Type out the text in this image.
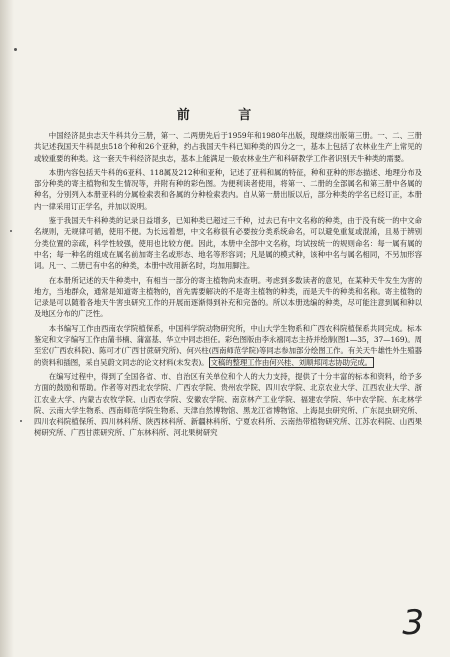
前 言

中国经济昆虫志天牛科共分三册，第一、二两册先后于1959年和1980年出版，现继续出版第三册。一、二、三册共记述我国天牛科昆虫518个种和26个亚种，约占我国天牛科已知种类的四分之一，基本上包括了农林业生产上常见的或较重要的种类。这一套天牛科经济昆虫志，基本上能满足一般农林业生产和科研教学工作者识别天牛种类的需要。

本册内容包括天牛科的6亚科、118属及212种和亚种，记述了亚科和属的特征，种和亚种的形态描述、地理分布及部分种类的寄主植物和发生情况等，并附有种的彩色图。为便利读者使用，将第一、二册的全部属名和第三册中各属的种名，分别列入本册亚科的分属检索表和各属的分种检索表内。自从第一册出版以后，部分种类的学名已经订正，本册内一律采用订正学名，并加以说明。

鉴于我国天牛科种类的记录日益增多，已知种类已超过三千种，过去已有中文名称的种类，由于没有统一的中文命名规则，无规律可循，使用不便。为长远着想，中文名称很有必要按分类系统命名，可以避免重复或混淆，且易于辨别分类位置的亲疏，科学性较强，使用也比较方便。因此，本册中全部中文名称，均试按统一的规则命名：每一属有属的中名；每一种名的组成在属名前加寄主名或形态、地名等形容词；凡是属的模式种，该种中名与属名相同，不另加形容词。凡一、二册已有中名的种类，本册中改用新名时，均加用脚注。

在本册所记述的天牛种类中，有相当一部分的寄主植物尚未查明。考虑到多数读者的意见，在某种天牛发生为害的地方，当地群众，通常是知道寄主植物的，首先需要解决的不是寄主植物的种类，而是天牛的种类和名称。寄主植物的记录是可以随着各地天牛害虫研究工作的开展而逐渐得到补充和完备的。所以本册选编的种类，尽可能注意到属和种以及地区分布的广泛性。

本书编写工作由西南农学院植保系，中国科学院动物研究所，中山大学生物系和广西农科院植保系共同完成。标本鉴定和文字编写工作由蒲书楠、蒲富基、华立中同志担任。彩色图版由李永禧同志主持并绘制(图1—35，37—169)。周至宏(广西农科院)、陈可才(广西甘蔗研究所)、何兴柱(西南师范学院)等同志参加部分绘图工作。有关天牛雄性外生殖器的资料和插图，采自吴蔚文同志的论文材料(未发表)。 文稿的整理工作由何兴桂、刘顺邦同志协助完成。

在编写过程中，得到了全国各省、市、自治区有关单位和个人的大力支持，提供了十分丰富的标本和资料，给予多方面的鼓励和帮助。作者等对西北农学院、广西农学院、贵州农学院、四川农学院、北京农业大学、江西农业大学、浙江农业大学、内蒙古农牧学院、山西农学院、安徽农学院、南京林产工业学院、福建农学院、华中农学院、东北林学院、云南大学生物系、西南师范学院生物系、天津自然博物馆、黑龙江省博物馆、上海昆虫研究所、广东昆虫研究所、四川农科院植保所、四川林科所、陕西林科所、新疆林科所、宁夏农科所、云南热带植物研究所、江苏农科院、山西果树研究所、广西甘蔗研究所、广东林科所、河北果树研究

3
